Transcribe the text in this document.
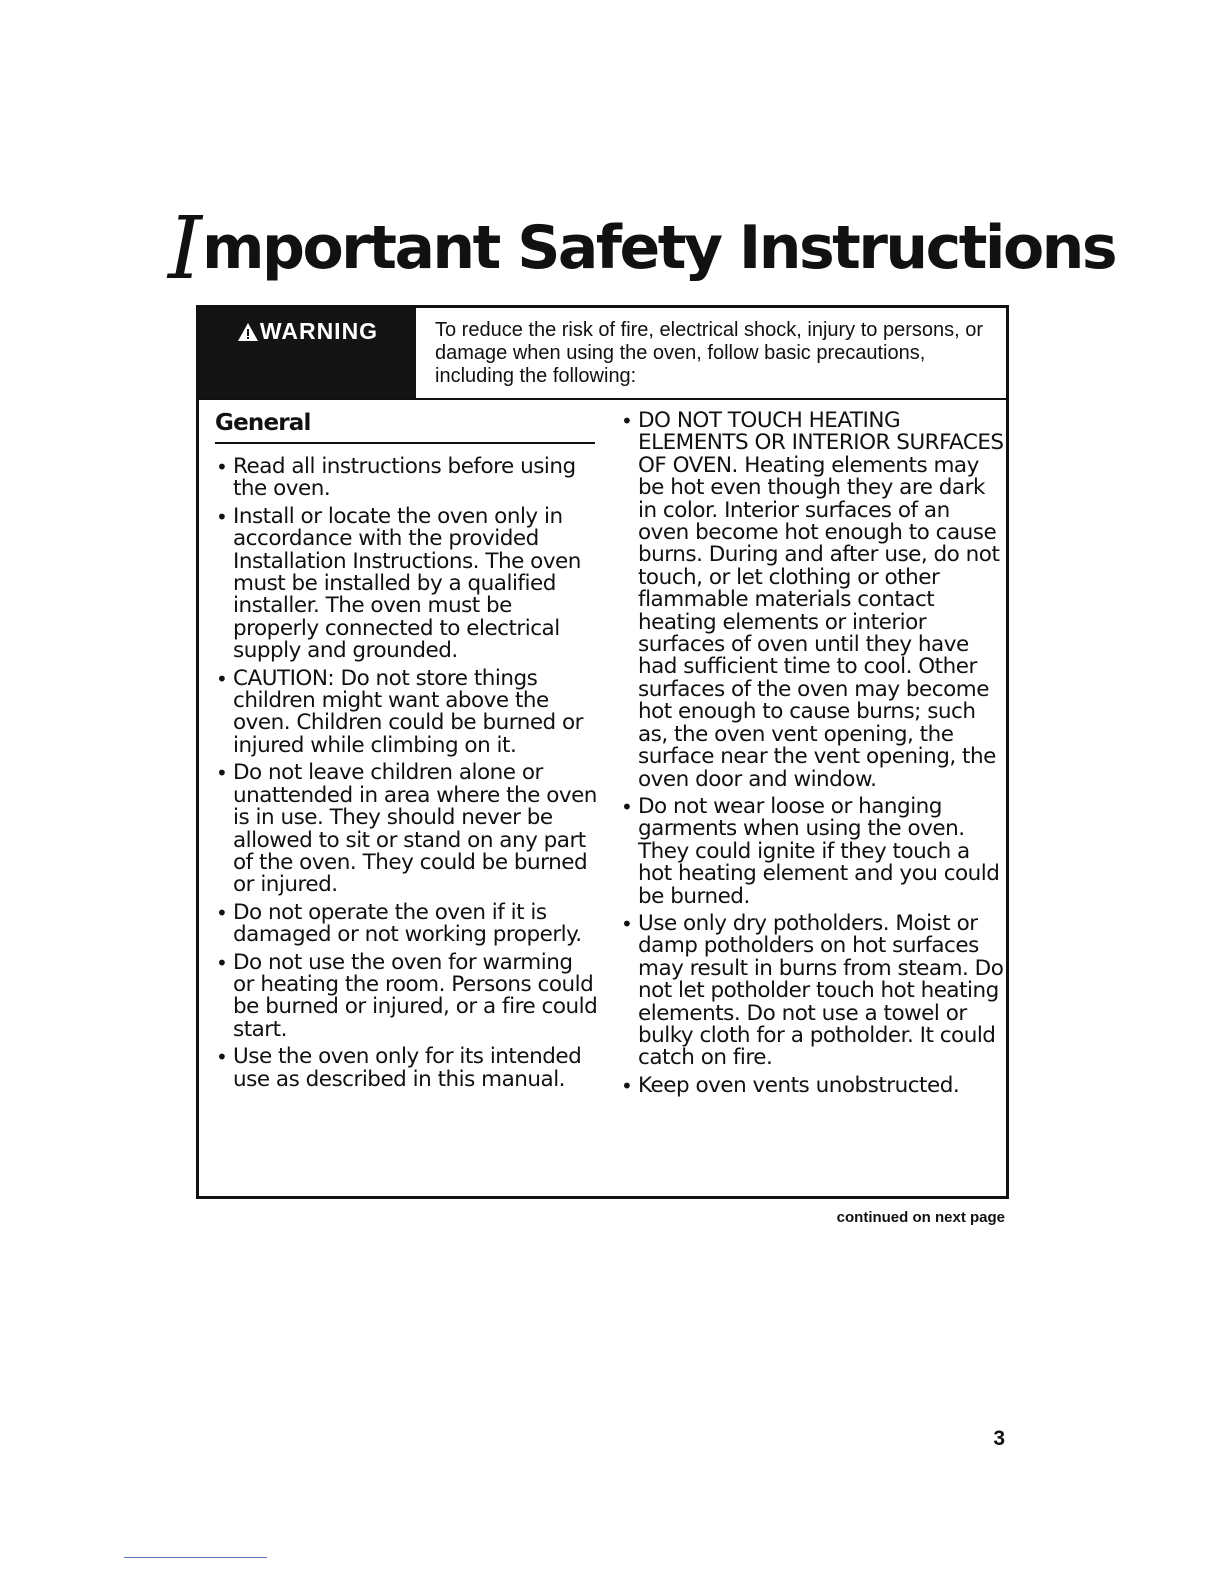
Important Safety Instructions
WARNING	To reduce the risk of fire, electrical shock, injury to persons, or damage when using the oven, follow basic precautions, including the following:
General
• Read all instructions before using the oven.
• Install or locate the oven only in accordance with the provided Installation Instructions. The oven must be installed by a qualified installer. The oven must be properly connected to electrical supply and grounded.
• CAUTION: Do not store things children might want above the oven. Children could be burned or injured while climbing on it.
• Do not leave children alone or unattended in area where the oven is in use. They should never be allowed to sit or stand on any part of the oven. They could be burned or injured.
• Do not operate the oven if it is damaged or not working properly.
• Do not use the oven for warming or heating the room. Persons could be burned or injured, or a fire could start.
• Use the oven only for its intended use as described in this manual.
• DO NOT TOUCH HEATING ELEMENTS OR INTERIOR SURFACES OF OVEN. Heating elements may be hot even though they are dark in color. Interior surfaces of an oven become hot enough to cause burns. During and after use, do not touch, or let clothing or other flammable materials contact heating elements or interior surfaces of oven until they have had sufficient time to cool. Other surfaces of the oven may become hot enough to cause burns; such as, the oven vent opening, the surface near the vent opening, the oven door and window.
• Do not wear loose or hanging garments when using the oven. They could ignite if they touch a hot heating element and you could be burned.
• Use only dry potholders. Moist or damp potholders on hot surfaces may result in burns from steam. Do not let potholder touch hot heating elements. Do not use a towel or bulky cloth for a potholder. It could catch on fire.
• Keep oven vents unobstructed.
continued on next page
3
